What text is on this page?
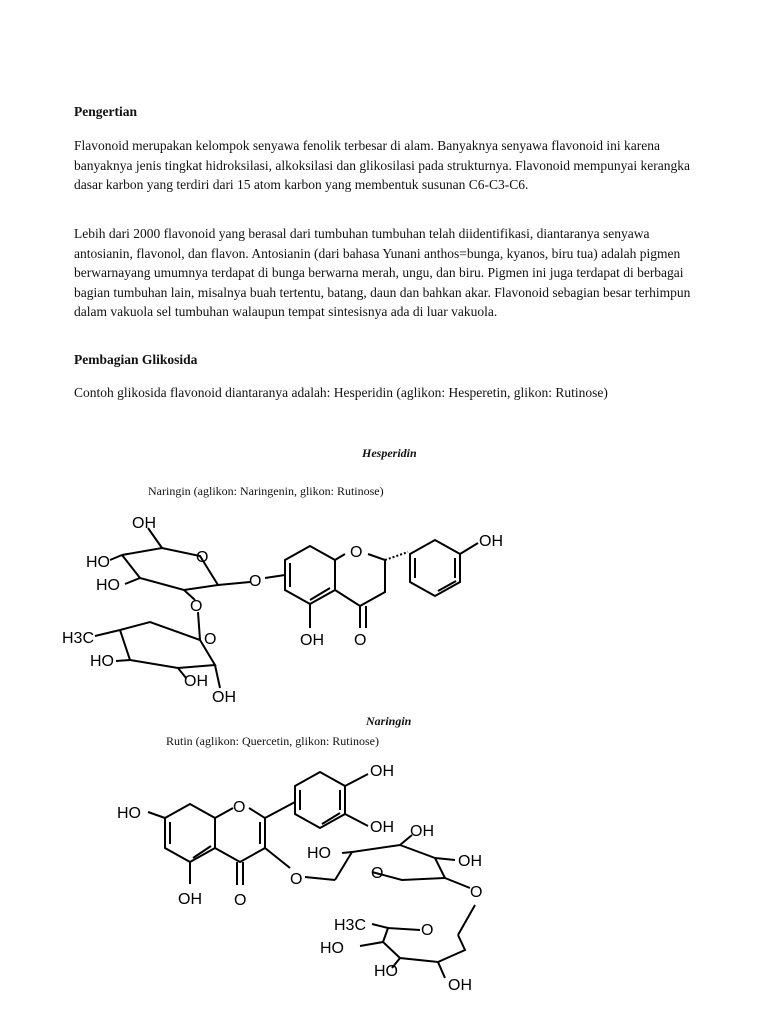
Pengertian
Flavonoid merupakan kelompok senyawa fenolik terbesar di alam. Banyaknya senyawa flavonoid ini karena banyaknya jenis tingkat hidroksilasi, alkoksilasi dan glikosilasi pada strukturnya. Flavonoid mempunyai kerangka dasar karbon yang terdiri dari 15 atom karbon yang membentuk susunan C6-C3-C6.
Lebih dari 2000 flavonoid yang berasal dari tumbuhan tumbuhan telah diidentifikasi, diantaranya senyawa antosianin, flavonol, dan flavon. Antosianin (dari bahasa Yunani anthos=bunga, kyanos, biru tua) adalah pigmen berwarnayang umumnya terdapat di bunga berwarna merah, ungu, dan biru. Pigmen ini juga terdapat di berbagai bagian tumbuhan lain, misalnya buah tertentu, batang, daun dan bahkan akar. Flavonoid sebagian besar terhimpun dalam vakuola sel tumbuhan walaupun tempat sintesisnya ada di luar vakuola.
Pembagian Glikosida
Contoh glikosida flavonoid diantaranya adalah: Hesperidin (aglikon: Hesperetin, glikon: Rutinose)
Hesperidin
Naringin (aglikon: Naringenin, glikon: Rutinose)
OH
HO
HO
O
O
O
H3C
HO
OH
OH
O
O
OH
OH O
Naringin
Rutin (aglikon: Quercetin, glikon: Rutinose)
HO
OH O
O
OH
OH
O
HO
OH
OH
O
O
H3C
HO
HO
O
OH
